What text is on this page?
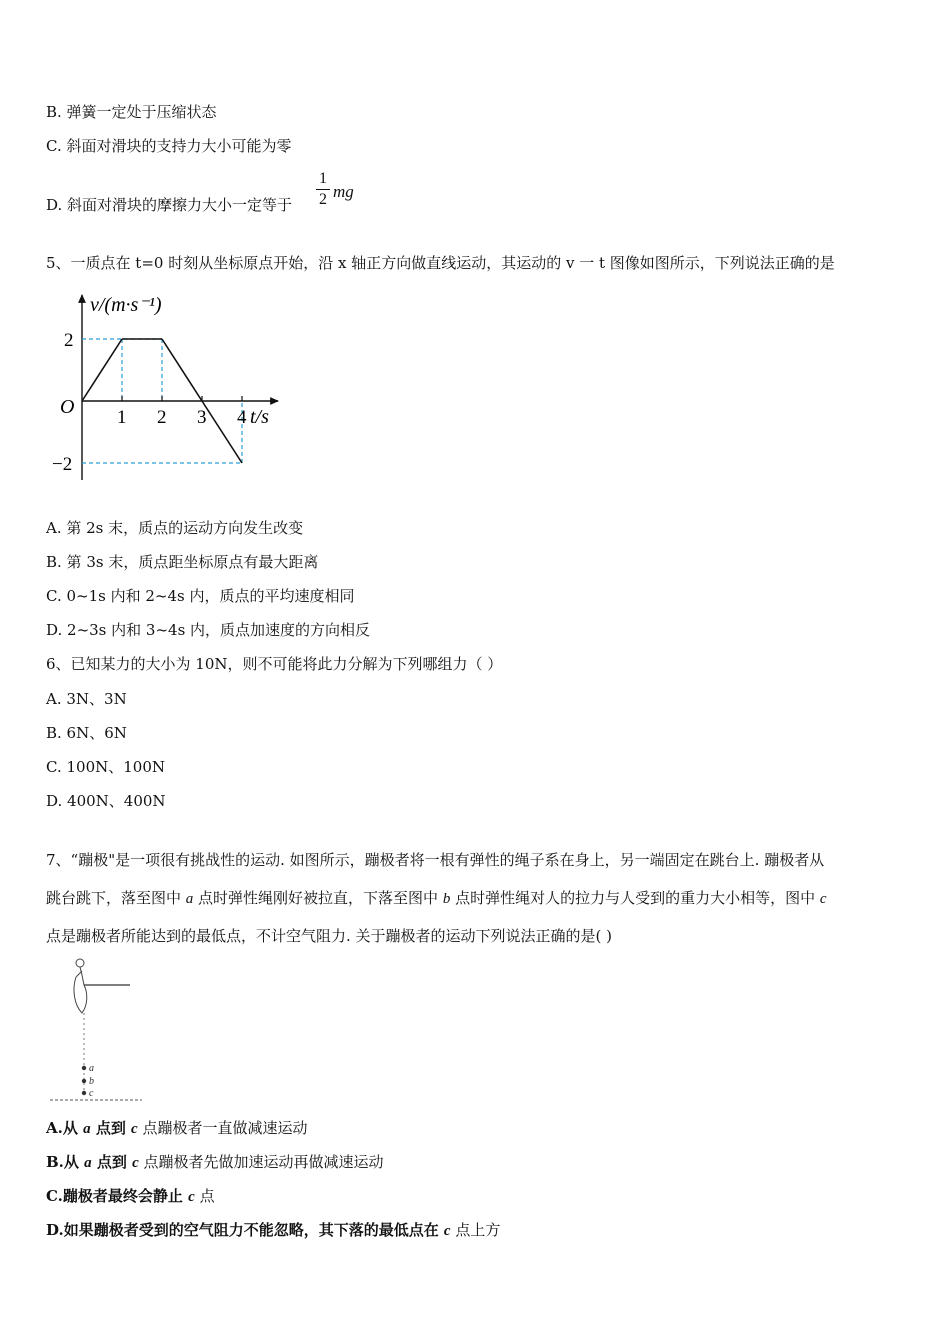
B. 弹簧一定处于压缩状态
C. 斜面对滑块的支持力大小可能为零
D. 斜面对滑块的摩擦力大小一定等于
1
2 mg
5、一质点在 t=0 时刻从坐标原点开始，沿 x 轴正方向做直线运动，其运动的 v 一 t 图像如图所示，下列说法正确的是
1 2 3 4
2
−2
v/(m·s⁻¹)
t/s
O
A. 第 2s 末，质点的运动方向发生改变
B. 第 3s 末，质点距坐标原点有最大距离
C. 0~1s 内和 2~4s 内，质点的平均速度相同
D. 2~3s 内和 3~4s 内，质点加速度的方向相反
6、已知某力的大小为 10N，则不可能将此力分解为下列哪组力（ ）
A. 3N、3N
B. 6N、6N
C. 100N、100N
D. 400N、400N
7、“蹦极"是一项很有挑战性的运动. 如图所示，蹦极者将一根有弹性的绳子系在身上，另一端固定在跳台上. 蹦极者从
跳台跳下，落至图中 a 点时弹性绳刚好被拉直，下落至图中 b 点时弹性绳对人的拉力与人受到的重力大小相等，图中 c
点是蹦极者所能达到的最低点，不计空气阻力. 关于蹦极者的运动下列说法正确的是( )
a
b
c
A.从 a 点到 c 点蹦极者一直做减速运动
B.从 a 点到 c 点蹦极者先做加速运动再做减速运动
C.蹦极者最终会静止 c 点
D.如果蹦极者受到的空气阻力不能忽略，其下落的最低点在 c 点上方
